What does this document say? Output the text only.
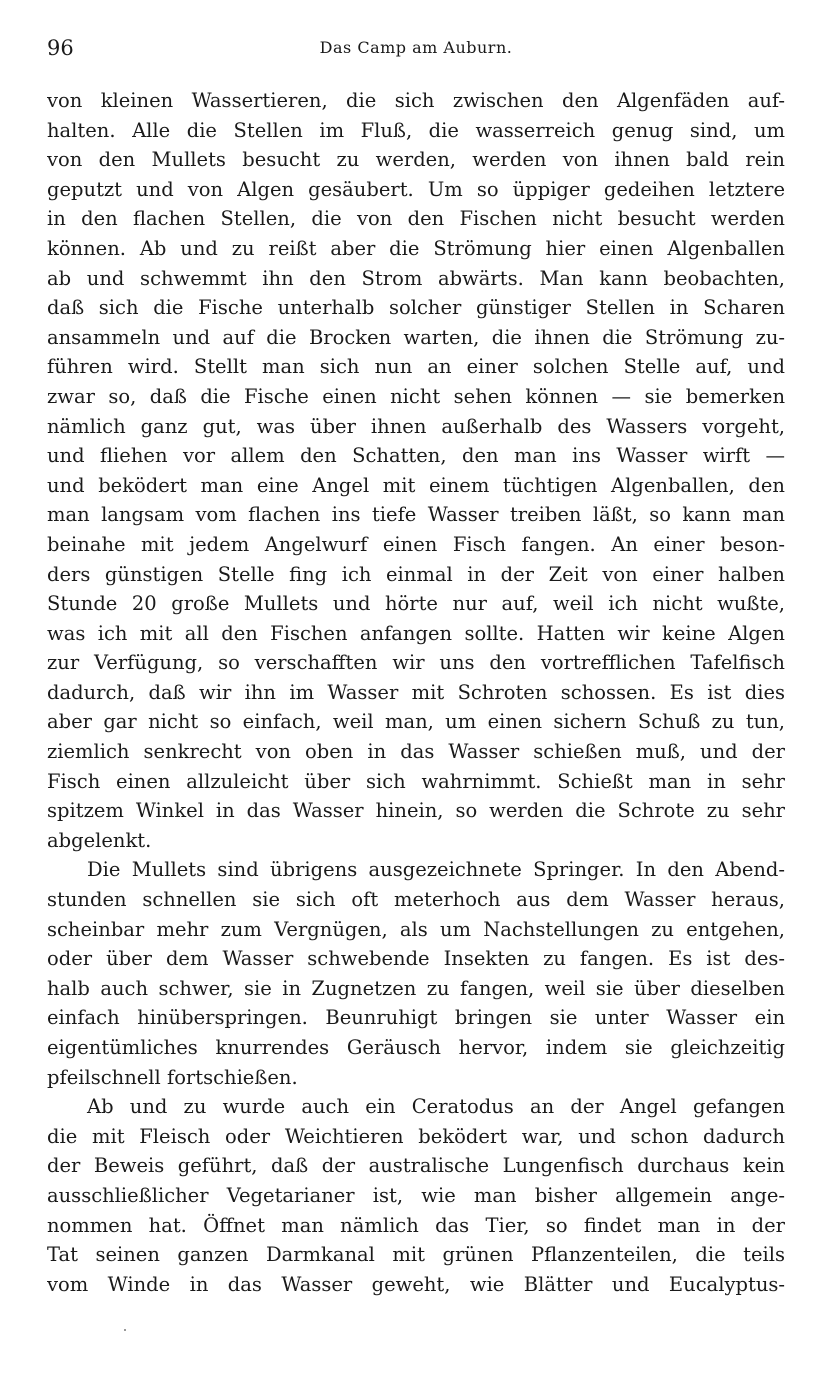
96	Das Camp am Auburn.
von kleinen Wassertieren, die sich zwischen den Algenfäden auf-
halten. Alle die Stellen im Fluß, die wasserreich genug sind, um
von den Mullets besucht zu werden, werden von ihnen bald rein
geputzt und von Algen gesäubert. Um so üppiger gedeihen letztere
in den flachen Stellen, die von den Fischen nicht besucht werden
können. Ab und zu reißt aber die Strömung hier einen Algenballen
ab und schwemmt ihn den Strom abwärts. Man kann beobachten,
daß sich die Fische unterhalb solcher günstiger Stellen in Scharen
ansammeln und auf die Brocken warten, die ihnen die Strömung zu-
führen wird. Stellt man sich nun an einer solchen Stelle auf, und
zwar so, daß die Fische einen nicht sehen können — sie bemerken
nämlich ganz gut, was über ihnen außerhalb des Wassers vorgeht,
und fliehen vor allem den Schatten, den man ins Wasser wirft —
und beködert man eine Angel mit einem tüchtigen Algenballen, den
man langsam vom flachen ins tiefe Wasser treiben läßt, so kann man
beinahe mit jedem Angelwurf einen Fisch fangen. An einer beson-
ders günstigen Stelle fing ich einmal in der Zeit von einer halben
Stunde 20 große Mullets und hörte nur auf, weil ich nicht wußte,
was ich mit all den Fischen anfangen sollte. Hatten wir keine Algen
zur Verfügung, so verschafften wir uns den vortrefflichen Tafelfisch
dadurch, daß wir ihn im Wasser mit Schroten schossen. Es ist dies
aber gar nicht so einfach, weil man, um einen sichern Schuß zu tun,
ziemlich senkrecht von oben in das Wasser schießen muß, und der
Fisch einen allzuleicht über sich wahrnimmt. Schießt man in sehr
spitzem Winkel in das Wasser hinein, so werden die Schrote zu sehr
abgelenkt.
Die Mullets sind übrigens ausgezeichnete Springer. In den Abend-
stunden schnellen sie sich oft meterhoch aus dem Wasser heraus,
scheinbar mehr zum Vergnügen, als um Nachstellungen zu entgehen,
oder über dem Wasser schwebende Insekten zu fangen. Es ist des-
halb auch schwer, sie in Zugnetzen zu fangen, weil sie über dieselben
einfach hinüberspringen. Beunruhigt bringen sie unter Wasser ein
eigentümliches knurrendes Geräusch hervor, indem sie gleichzeitig
pfeilschnell fortschießen.
Ab und zu wurde auch ein Ceratodus an der Angel gefangen
die mit Fleisch oder Weichtieren beködert war, und schon dadurch
der Beweis geführt, daß der australische Lungenfisch durchaus kein
ausschließlicher Vegetarianer ist, wie man bisher allgemein ange-
nommen hat. Öffnet man nämlich das Tier, so findet man in der
Tat seinen ganzen Darmkanal mit grünen Pflanzenteilen, die teils
vom Winde in das Wasser geweht, wie Blätter und Eucalyptus-
